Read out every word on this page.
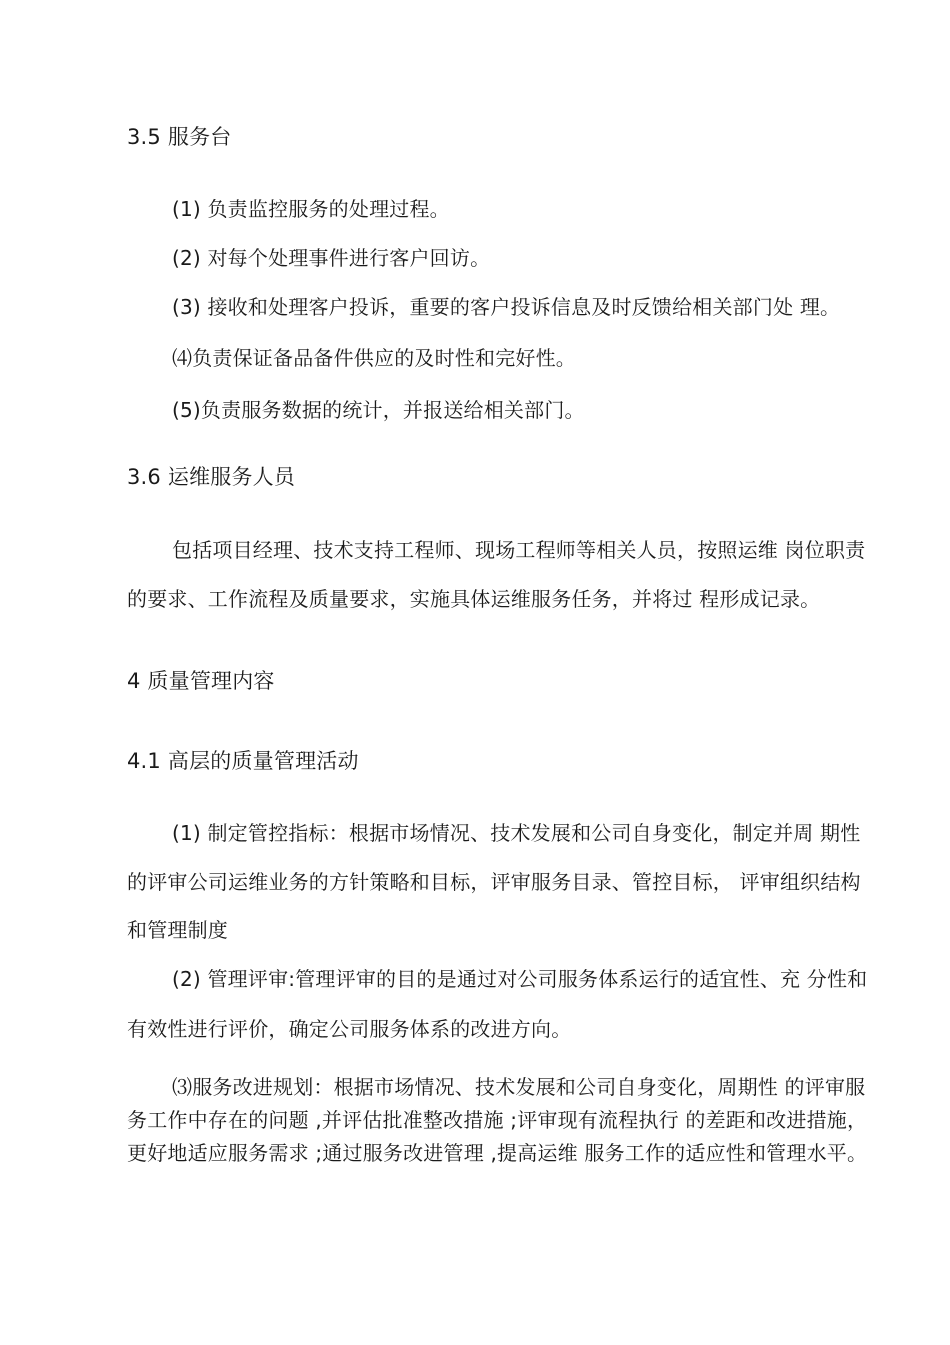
3.5 服务台
(1) 负责监控服务的处理过程。
(2) 对每个处理事件进行客户回访。
(3) 接收和处理客户投诉，重要的客户投诉信息及时反馈给相关部门处 理。
⑷负责保证备品备件供应的及时性和完好性。
(5)负责服务数据的统计，并报送给相关部门。
3.6 运维服务人员
包括项目经理、技术支持工程师、现场工程师等相关人员，按照运维 岗位职责
的要求、工作流程及质量要求，实施具体运维服务任务，并将过 程形成记录。
4 质量管理内容
4.1 高层的质量管理活动
(1) 制定管控指标：根据市场情况、技术发展和公司自身变化，制定并周 期性
的评审公司运维业务的方针策略和目标，评审服务目录、管控目标， 评审组织结构
和管理制度
(2) 管理评审:管理评审的目的是通过对公司服务体系运行的适宜性、充 分性和
有效性进行评价，确定公司服务体系的改进方向。
⑶服务改进规划：根据市场情况、技术发展和公司自身变化，周期性 的评审服
务工作中存在的问题 ,并评估批准整改措施 ;评审现有流程执行 的差距和改进措施，
更好地适应服务需求 ;通过服务改进管理 ,提高运维 服务工作的适应性和管理水平。
